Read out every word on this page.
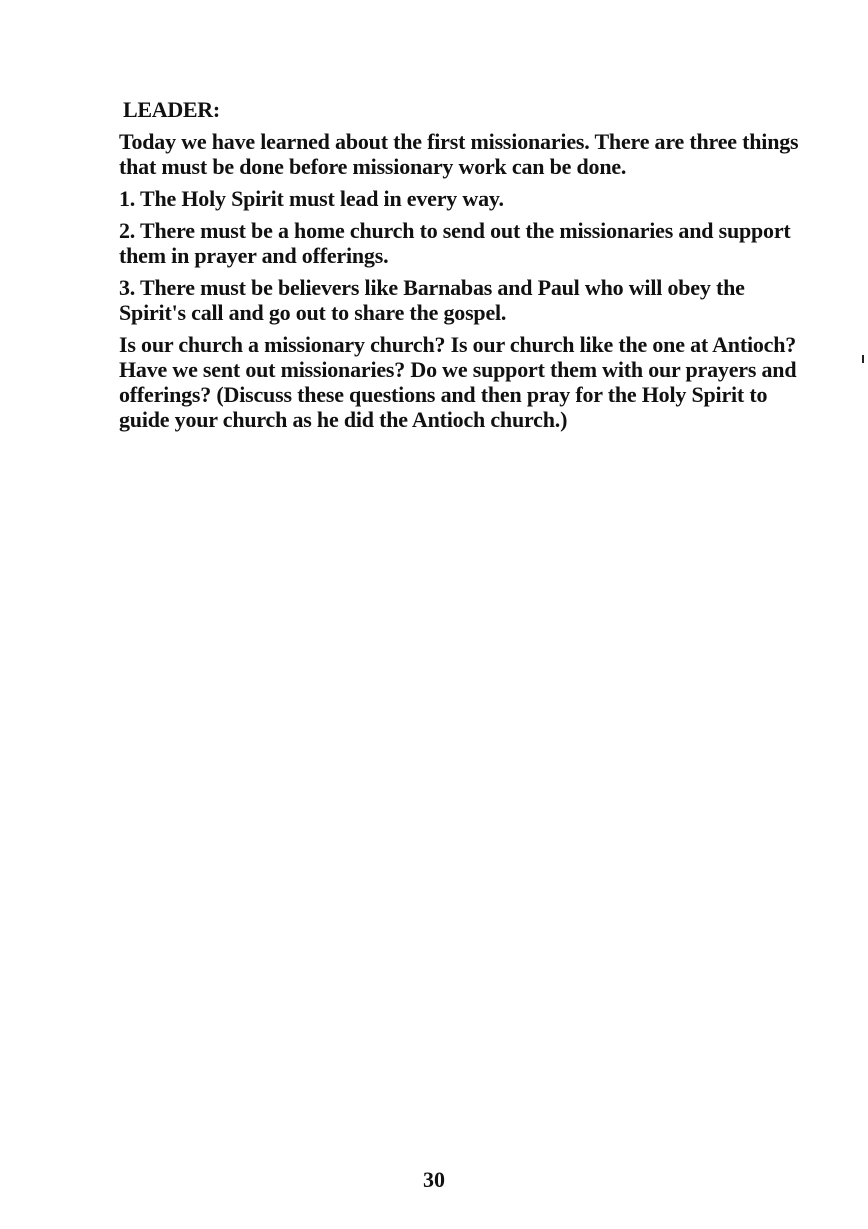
LEADER:

Today we have learned about the first missionaries. There are three things that must be done before missionary work can be done.

1. The Holy Spirit must lead in every way.

2. There must be a home church to send out the missionaries and support them in prayer and offerings.

3. There must be believers like Barnabas and Paul who will obey the Spirit's call and go out to share the gospel.

Is our church a missionary church? Is our church like the one at Antioch? Have we sent out missionaries? Do we support them with our prayers and offerings? (Discuss these questions and then pray for the Holy Spirit to guide your church as he did the Antioch church.)

30
